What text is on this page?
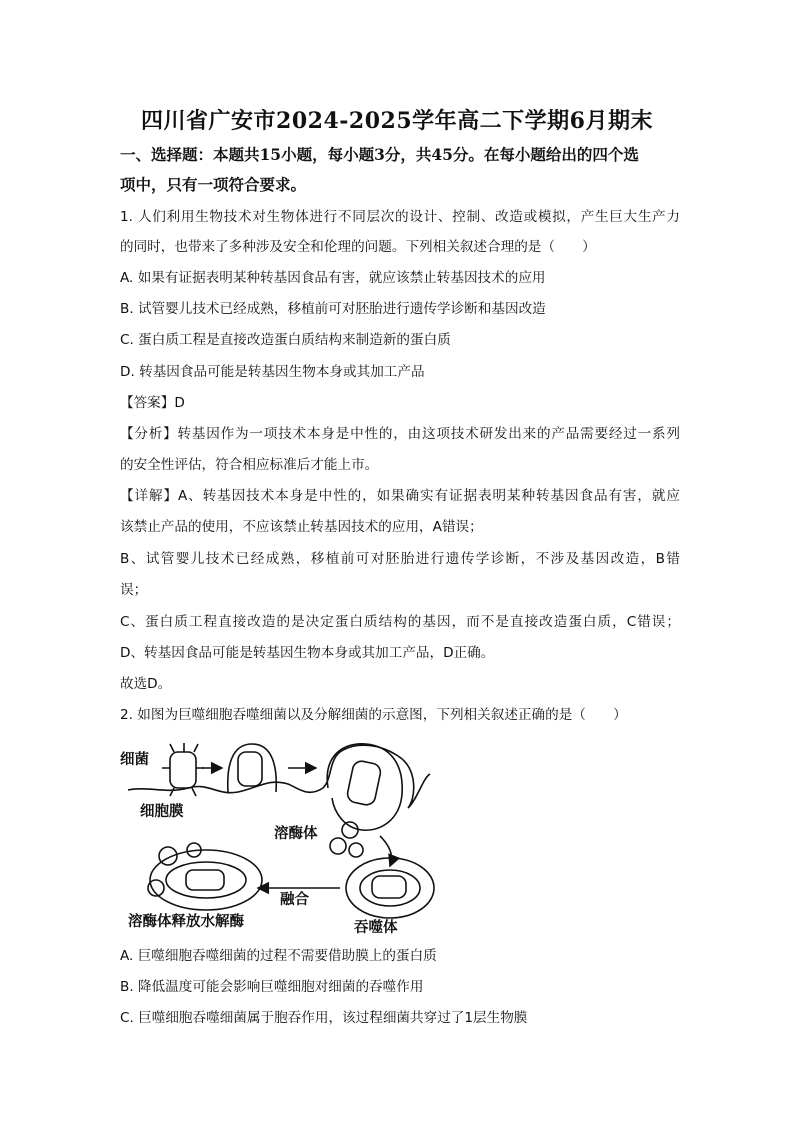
四川省广安市2024-2025学年高二下学期6月期末
一、选择题：本题共15小题，每小题3分，共45分。在每小题给出的四个选
项中，只有一项符合要求。
1. 人们利用生物技术对生物体进行不同层次的设计、控制、改造或模拟，产生巨大生产力
的同时，也带来了多种涉及安全和伦理的问题。下列相关叙述合理的是（　　）
A. 如果有证据表明某种转基因食品有害，就应该禁止转基因技术的应用
B. 试管婴儿技术已经成熟，移植前可对胚胎进行遗传学诊断和基因改造
C. 蛋白质工程是直接改造蛋白质结构来制造新的蛋白质
D. 转基因食品可能是转基因生物本身或其加工产品
【答案】D
【分析】转基因作为一项技术本身是中性的，由这项技术研发出来的产品需要经过一系列
的安全性评估，符合相应标准后才能上市。
【详解】A、转基因技术本身是中性的，如果确实有证据表明某种转基因食品有害，就应
该禁止产品的使用，不应该禁止转基因技术的应用，A错误；
B、试管婴儿技术已经成熟，移植前可对胚胎进行遗传学诊断，不涉及基因改造，B错
误；
C、蛋白质工程直接改造的是决定蛋白质结构的基因，而不是直接改造蛋白质，C错误；
D、转基因食品可能是转基因生物本身或其加工产品，D正确。
故选D。
2. 如图为巨噬细胞吞噬细菌以及分解细菌的示意图，下列相关叙述正确的是（　　）
细菌
细胞膜
溶酶体
融合
吞噬体
溶酶体释放水解酶
A. 巨噬细胞吞噬细菌的过程不需要借助膜上的蛋白质
B. 降低温度可能会影响巨噬细胞对细菌的吞噬作用
C. 巨噬细胞吞噬细菌属于胞吞作用，该过程细菌共穿过了1层生物膜
